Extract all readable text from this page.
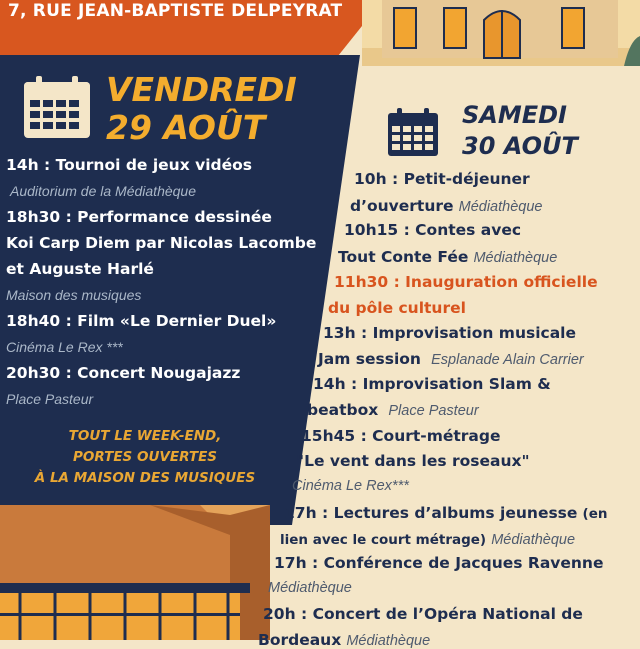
7, RUE JEAN-BAPTISTE DELPEYRAT
VENDREDI
29 AOÛT
14h : Tournoi de jeux vidéos
Auditorium de la Médiathèque
18h30 : Performance dessinée
Koi Carp Diem par Nicolas Lacombe
et Auguste Harlé
Maison des musiques
18h40 : Film «Le Dernier Duel»
Cinéma Le Rex ***
20h30 : Concert Nougajazz
Place Pasteur
TOUT LE WEEK-END,
PORTES OUVERTES
À LA MAISON DES MUSIQUES
SAMEDI
30 AOÛT
10h : Petit-déjeuner
d’ouverture Médiathèque
10h15 : Contes avec
Tout Conte Fée Médiathèque
11h30 : Inauguration officielle
du pôle culturel
13h : Improvisation musicale
Jam session Esplanade Alain Carrier
14h : Improvisation Slam &
beatbox Place Pasteur
15h45 : Court-métrage
"Le vent dans les roseaux"
Cinéma Le Rex***
17h : Lectures d’albums jeunesse (en
lien avec le court métrage) Médiathèque
17h : Conférence de Jacques Ravenne
Médiathèque
20h : Concert de l’Opéra National de
Bordeaux Médiathèque
